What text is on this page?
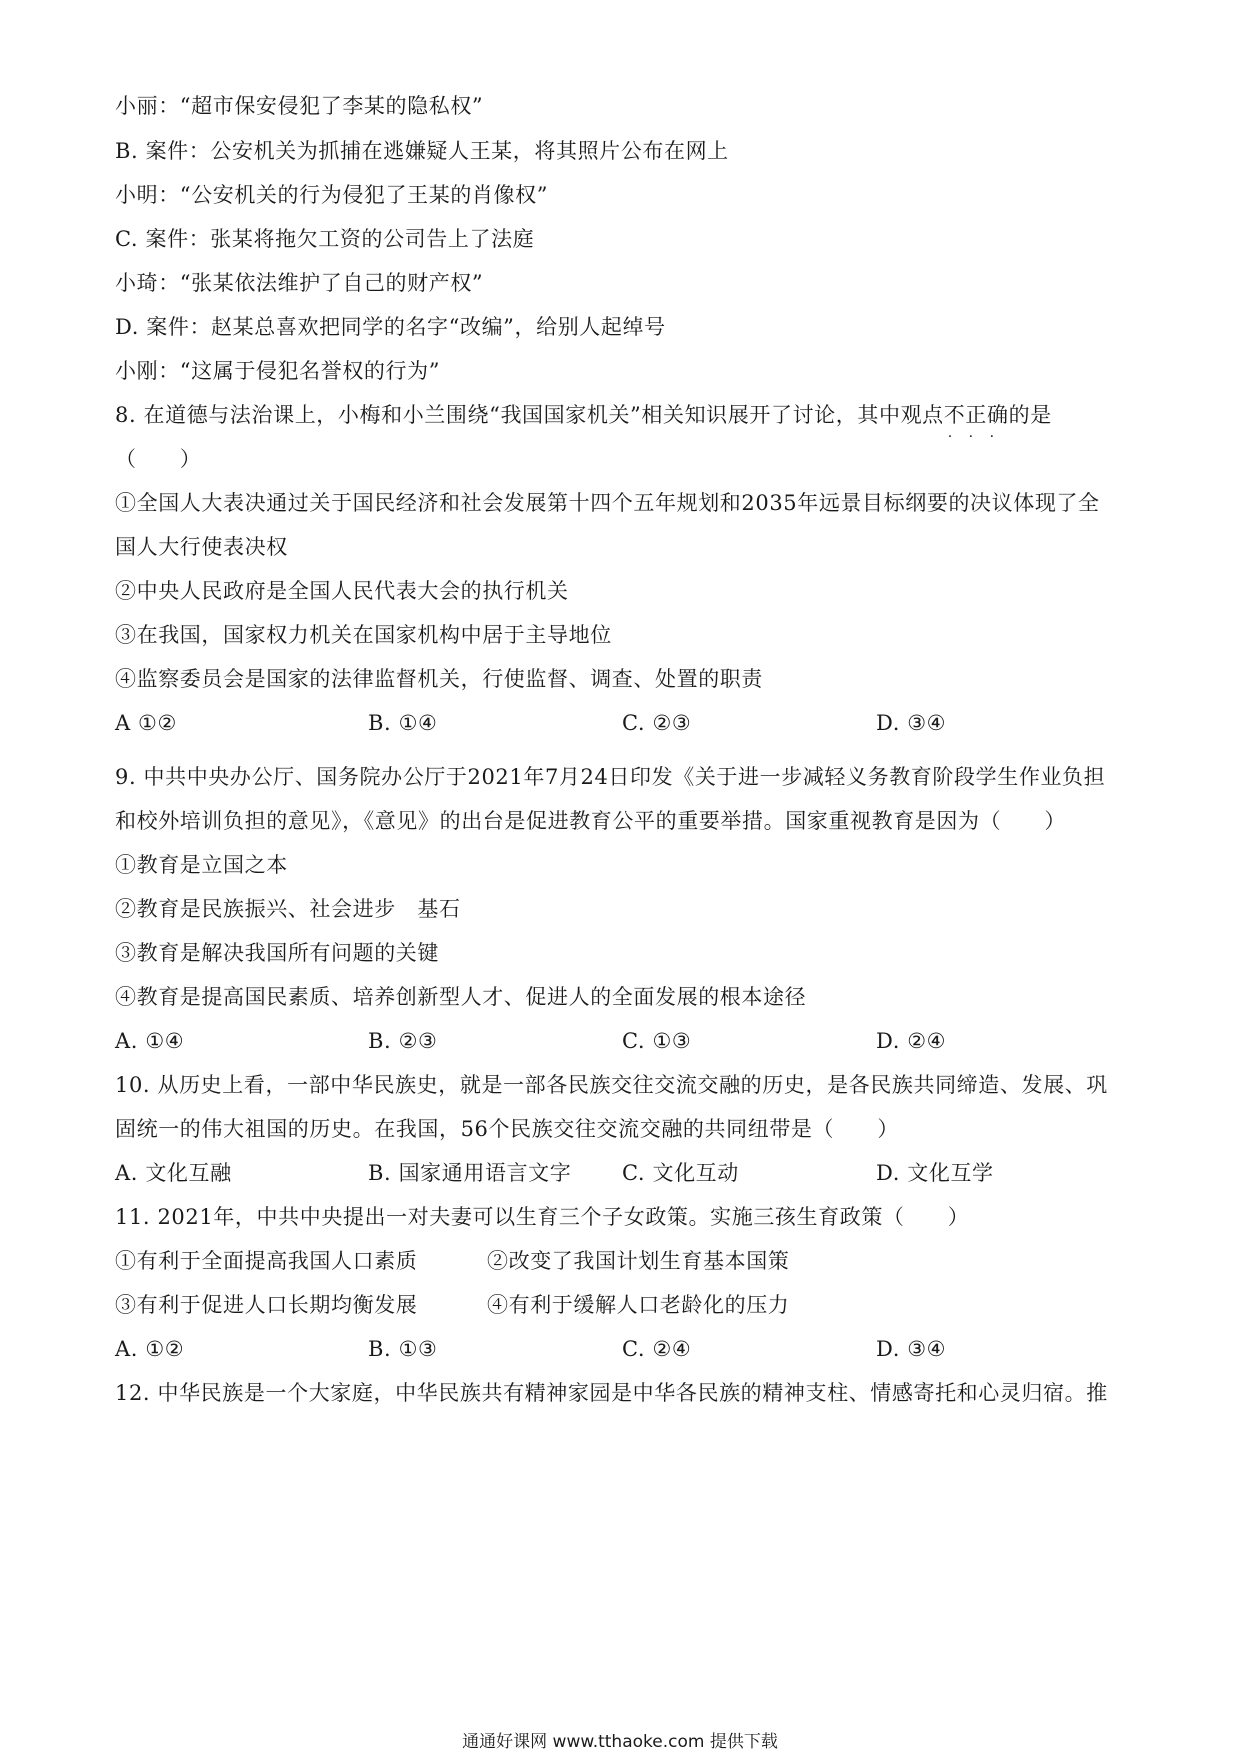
小丽：“超市保安侵犯了李某的隐私权”
B. 案件：公安机关为抓捕在逃嫌疑人王某，将其照片公布在网上
小明：“公安机关的行为侵犯了王某的肖像权”
C. 案件：张某将拖欠工资的公司告上了法庭
小琦：“张某依法维护了自己的财产权”
D. 案件：赵某总喜欢把同学的名字“改编”，给别人起绰号
小刚：“这属于侵犯名誉权的行为”
8. 在道德与法治课上，小梅和小兰围绕“我国国家机关”相关知识展开了讨论，其中观点不正确 · · ·的是
（　　）
①全国人大表决通过关于国民经济和社会发展第十四个五年规划和2035年远景目标纲要的决议体现了全
国人大行使表决权
②中央人民政府是全国人民代表大会的执行机关
③在我国，国家权力机关在国家机构中居于主导地位
④监察委员会是国家的法律监督机关，行使监督、调查、处置的职责
A ①②	B. ①④	C. ②③	D. ③④
9. 中共中央办公厅、国务院办公厅于2021年7月24日印发《关于进一步减轻义务教育阶段学生作业负担
和校外培训负担的意见》，《意见》的出台是促进教育公平的重要举措。国家重视教育是因为（　　）
①教育是立国之本
②教育是民族振兴、社会进步　基石
③教育是解决我国所有问题的关键
④教育是提高国民素质、培养创新型人才、促进人的全面发展的根本途径
A. ①④	B. ②③	C. ①③	D. ②④
10. 从历史上看，一部中华民族史，就是一部各民族交往交流交融的历史，是各民族共同缔造、发展、巩
固统一的伟大祖国的历史。在我国，56个民族交往交流交融的共同纽带是（　　）
A. 文化互融	B. 国家通用语言文字 C. 文化互动	D. 文化互学
11. 2021年，中共中央提出一对夫妻可以生育三个子女政策。实施三孩生育政策（　　）
①有利于全面提高我国人口素质	②改变了我国计划生育基本国策
③有利于促进人口长期均衡发展	④有利于缓解人口老龄化的压力
A. ①②	B. ①③	C. ②④	D. ③④
12. 中华民族是一个大家庭，中华民族共有精神家园是中华各民族的精神支柱、情感寄托和心灵归宿。推
通通好课网 www.tthaoke.com 提供下载
